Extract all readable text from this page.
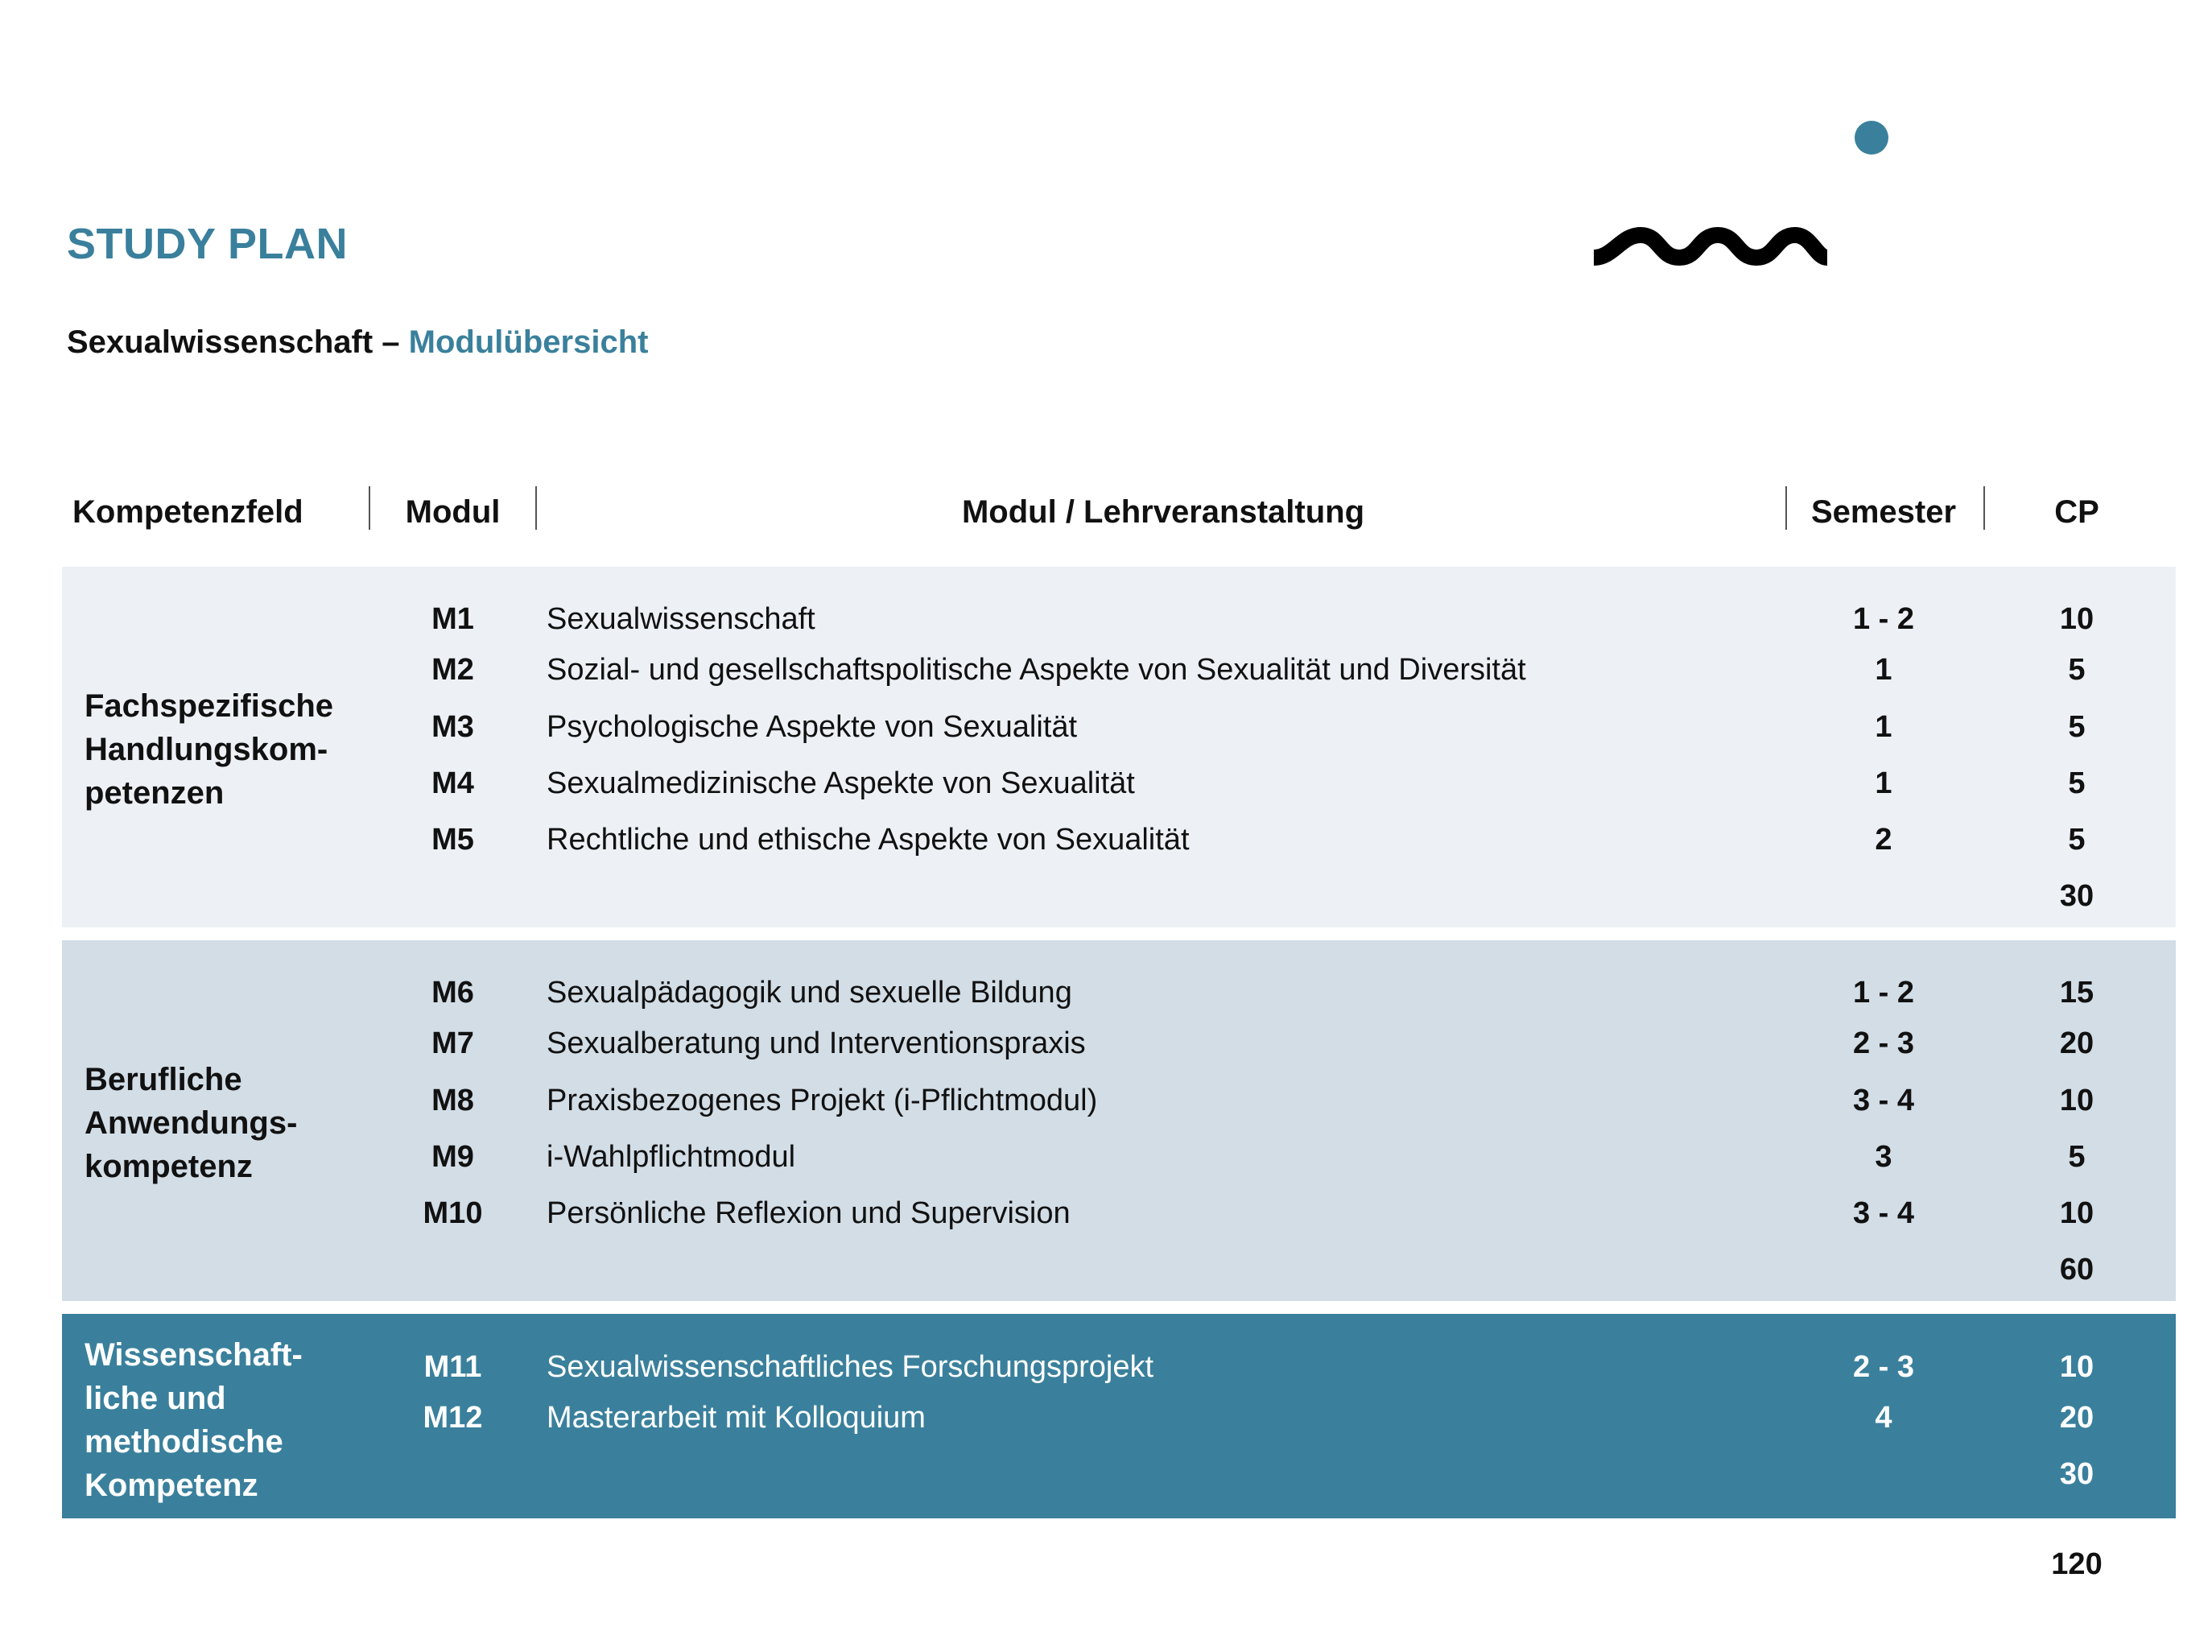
STUDY PLAN
Sexualwissenschaft – Modulübersicht
Kompetenzfeld	Modul	Modul / Lehrveranstaltung	Semester	CP
Fachspezifische
Handlungskom-
petenzen
M1	Sexualwissenschaft	1 - 2	10
M2	Sozial- und gesellschaftspolitische Aspekte von Sexualität und Diversität	1	5
M3	Psychologische Aspekte von Sexualität	1	5
M4	Sexualmedizinische Aspekte von Sexualität	1	5
M5	Rechtliche und ethische Aspekte von Sexualität	2	5
30
Berufliche
Anwendungs-
kompetenz
M6	Sexualpädagogik und sexuelle Bildung	1 - 2	15
M7	Sexualberatung und Interventionspraxis	2 - 3	20
M8	Praxisbezogenes Projekt (i-Pflichtmodul)	3 - 4	10
M9	i-Wahlpflichtmodul	3	5
M10	Persönliche Reflexion und Supervision	3 - 4	10
60
Wissenschaft-
liche und
methodische
Kompetenz
M11	Sexualwissenschaftliches Forschungsprojekt	2 - 3	10
M12	Masterarbeit mit Kolloquium	4	20
30
120
